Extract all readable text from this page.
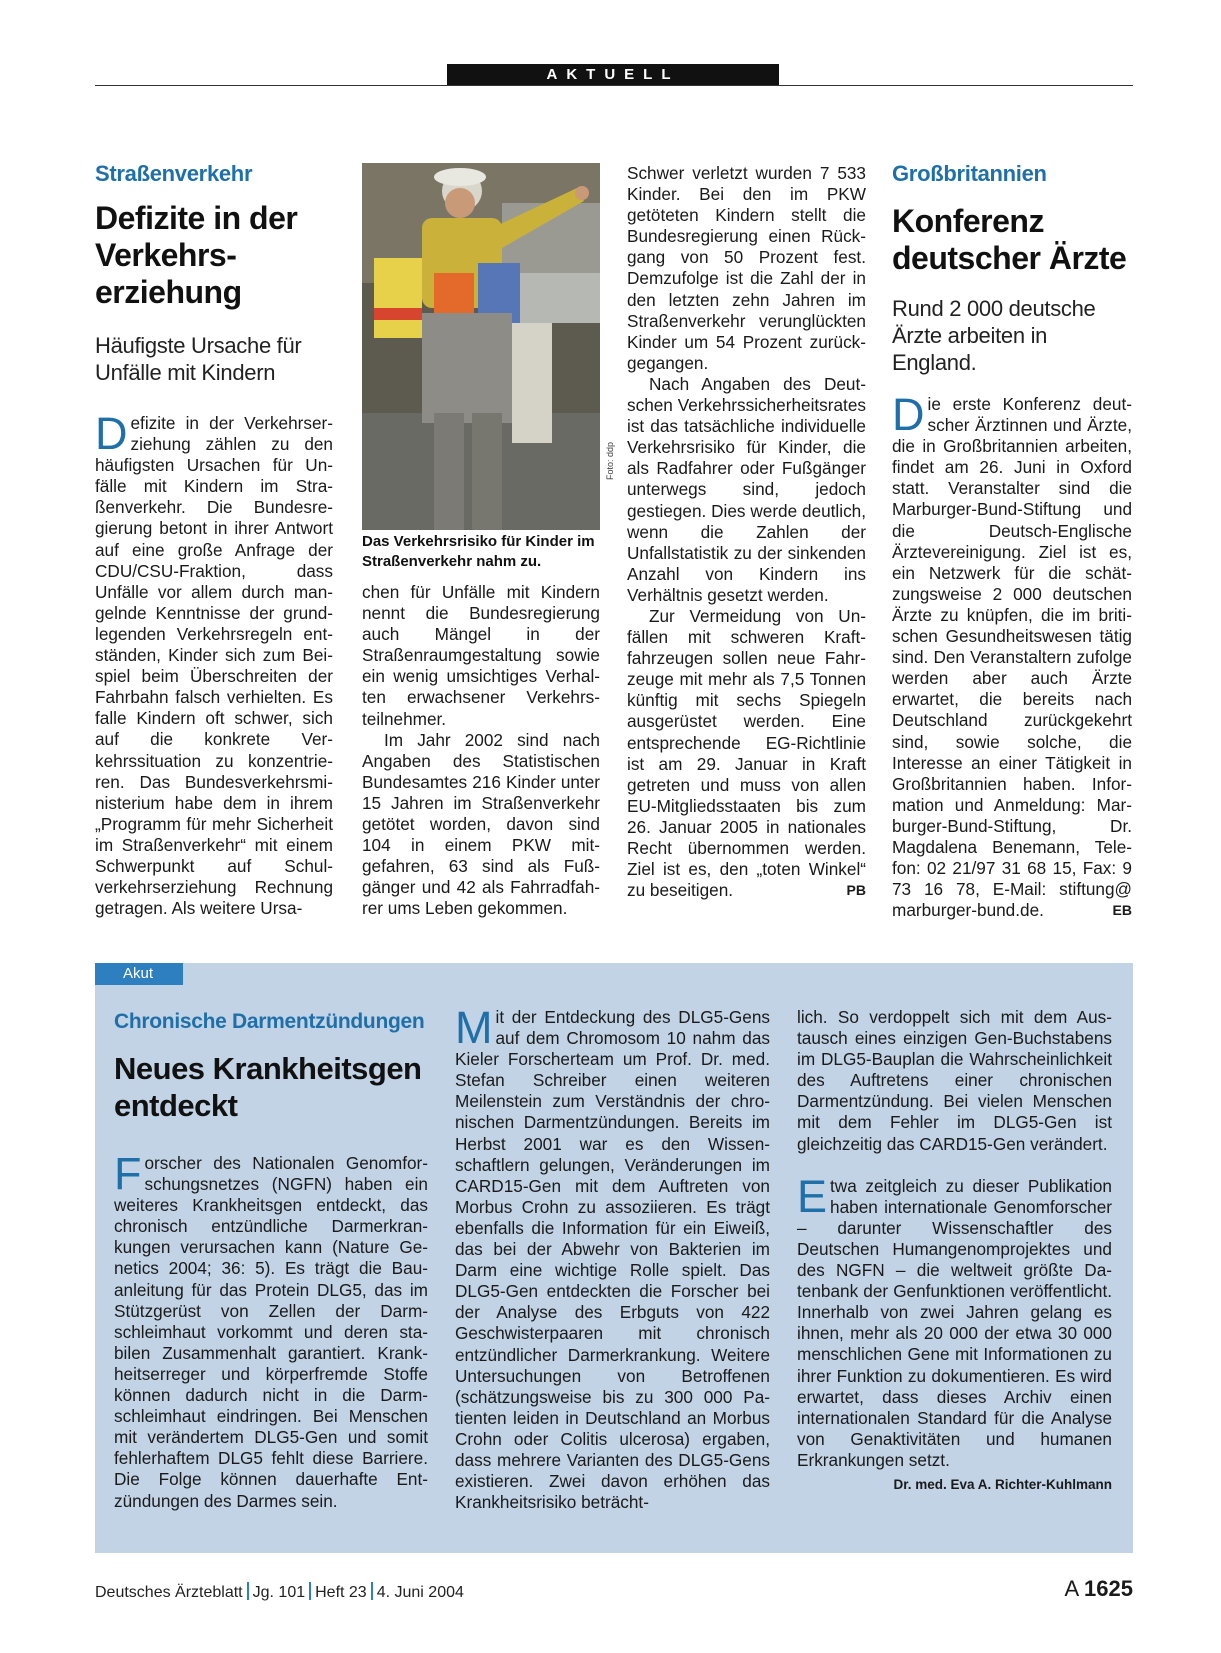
AKTUELL
Straßenverkehr
Defizite in der Verkehrs-erziehung
Häufigste Ursache für Unfälle mit Kindern
Defizite in der Verkehrserziehung zählen zu den häufigsten Ursachen für Unfälle mit Kindern im Straßenverkehr. Die Bundesregierung betont in ihrer Antwort auf eine große Anfrage der CDU/CSU-Fraktion, dass Unfälle vor allem durch mangelnde Kenntnisse der grundlegenden Verkehrsregeln entständen, Kinder sich zum Beispiel beim Überschreiten der Fahrbahn falsch verhielten. Es falle Kindern oft schwer, sich auf die konkrete Verkehrssituation zu konzentrieren. Das Bundesverkehrsministerium habe dem in ihrem „Programm für mehr Sicherheit im Straßenverkehr“ mit einem Schwerpunkt auf Schulverkehrserziehung Rechnung getragen. Als weitere Ursa-
Foto: ddp
Das Verkehrsrisiko für Kinder im Straßenverkehr nahm zu.

chen für Unfälle mit Kindern nennt die Bundesregierung auch Mängel in der Straßenraumgestaltung sowie ein wenig umsichtiges Verhalten erwachsener Verkehrsteilnehmer.

Im Jahr 2002 sind nach Angaben des Statistischen Bundesamtes 216 Kinder unter 15 Jahren im Straßenverkehr getötet worden, davon sind 104 in einem PKW mitgefahren, 63 sind als Fußgänger und 42 als Fahrradfahrer ums Leben gekommen.

Schwer verletzt wurden 7 533 Kinder. Bei den im PKW getöteten Kindern stellt die Bundesregierung einen Rückgang von 50 Prozent fest. Demzufolge ist die Zahl der in den letzten zehn Jahren im Straßenverkehr verunglückten Kinder um 54 Prozent zurückgegangen.

Nach Angaben des Deutschen Verkehrssicherheitsrates ist das tatsächliche individuelle Verkehrsrisiko für Kinder, die als Radfahrer oder Fußgänger unterwegs sind, jedoch gestiegen. Dies werde deutlich, wenn die Zahlen der Unfallstatistik zu der sinkenden Anzahl von Kindern ins Verhältnis gesetzt werden.

Zur Vermeidung von Unfällen mit schweren Kraftfahrzeugen sollen neue Fahrzeuge mit mehr als 7,5 Tonnen künftig mit sechs Spiegeln ausgerüstet werden. Eine entsprechende EG-Richtlinie ist am 29. Januar in Kraft getreten und muss von allen EU-Mitgliedsstaaten bis zum 26. Januar 2005 in nationales Recht übernommen werden. Ziel ist es, den „toten Winkel“ zu beseitigen.	PB

Großbritannien
Konferenz deutscher Ärzte
Rund 2 000 deutsche Ärzte arbeiten in England.
Die erste Konferenz deutscher Ärztinnen und Ärzte, die in Großbritannien arbeiten, findet am 26. Juni in Oxford statt. Veranstalter sind die Marburger-Bund-Stiftung und die Deutsch-Englische Ärztevereinigung. Ziel ist es, ein Netzwerk für die schätzungsweise 2 000 deutschen Ärzte zu knüpfen, die im britischen Gesundheitswesen tätig sind. Den Veranstaltern zufolge werden aber auch Ärzte erwartet, die bereits nach Deutschland zurückgekehrt sind, sowie solche, die Interesse an einer Tätigkeit in Großbritannien haben. Information und Anmeldung: Marburger-Bund-Stiftung, Dr. Magdalena Benemann, Telefon: 02 21/97 31 68 15, Fax: 9 73 16 78, E-Mail: stiftung@ marburger-bund.de.	EB
Akut
Chronische Darmentzündungen
Neues Krankheitsgen entdeckt
Forscher des Nationalen Genomforschungsnetzes (NGFN) haben ein weiteres Krankheitsgen entdeckt, das chronisch entzündliche Darmerkrankungen verursachen kann (Nature Genetics 2004; 36: 5). Es trägt die Bauanleitung für das Protein DLG5, das im Stützgerüst von Zellen der Darmschleimhaut vorkommt und deren stabilen Zusammenhalt garantiert. Krankheitserreger und körperfremde Stoffe können dadurch nicht in die Darmschleimhaut eindringen. Bei Menschen mit verändertem DLG5-Gen und somit fehlerhaftem DLG5 fehlt diese Barriere. Die Folge können dauerhafte Entzündungen des Darmes sein.
Mit der Entdeckung des DLG5-Gens auf dem Chromosom 10 nahm das Kieler Forscherteam um Prof. Dr. med. Stefan Schreiber einen weiteren Meilenstein zum Verständnis der chronischen Darmentzündungen. Bereits im Herbst 2001 war es den Wissenschaftlern gelungen, Veränderungen im CARD15-Gen mit dem Auftreten von Morbus Crohn zu assoziieren. Es trägt ebenfalls die Information für ein Eiweiß, das bei der Abwehr von Bakterien im Darm eine wichtige Rolle spielt. Das DLG5-Gen entdeckten die Forscher bei der Analyse des Erbguts von 422 Geschwisterpaaren mit chronisch entzündlicher Darmerkrankung. Weitere Untersuchungen von Betroffenen (schätzungsweise bis zu 300 000 Patienten leiden in Deutschland an Morbus Crohn oder Colitis ulcerosa) ergaben, dass mehrere Varianten des DLG5-Gens existieren. Zwei davon erhöhen das Krankheitsrisiko beträcht-

lich. So verdoppelt sich mit dem Austausch eines einzigen Gen-Buchstabens im DLG5-Bauplan die Wahrscheinlichkeit des Auftretens einer chronischen Darmentzündung. Bei vielen Menschen mit dem Fehler im DLG5-Gen ist gleichzeitig das CARD15-Gen verändert.

Etwa zeitgleich zu dieser Publikation haben internationale Genomforscher – darunter Wissenschaftler des Deutschen Humangenomprojektes und des NGFN – die weltweit größte Datenbank der Genfunktionen veröffentlicht. Innerhalb von zwei Jahren gelang es ihnen, mehr als 20 000 der etwa 30 000 menschlichen Gene mit Informationen zu ihrer Funktion zu dokumentieren. Es wird erwartet, dass dieses Archiv einen internationalen Standard für die Analyse von Genaktivitäten und humanen Erkrankungen setzt.
Dr. med. Eva A. Richter-Kuhlmann

Deutsches Ärzteblatt Jg. 101 Heft 23 4. Juni 2004	A 1625
